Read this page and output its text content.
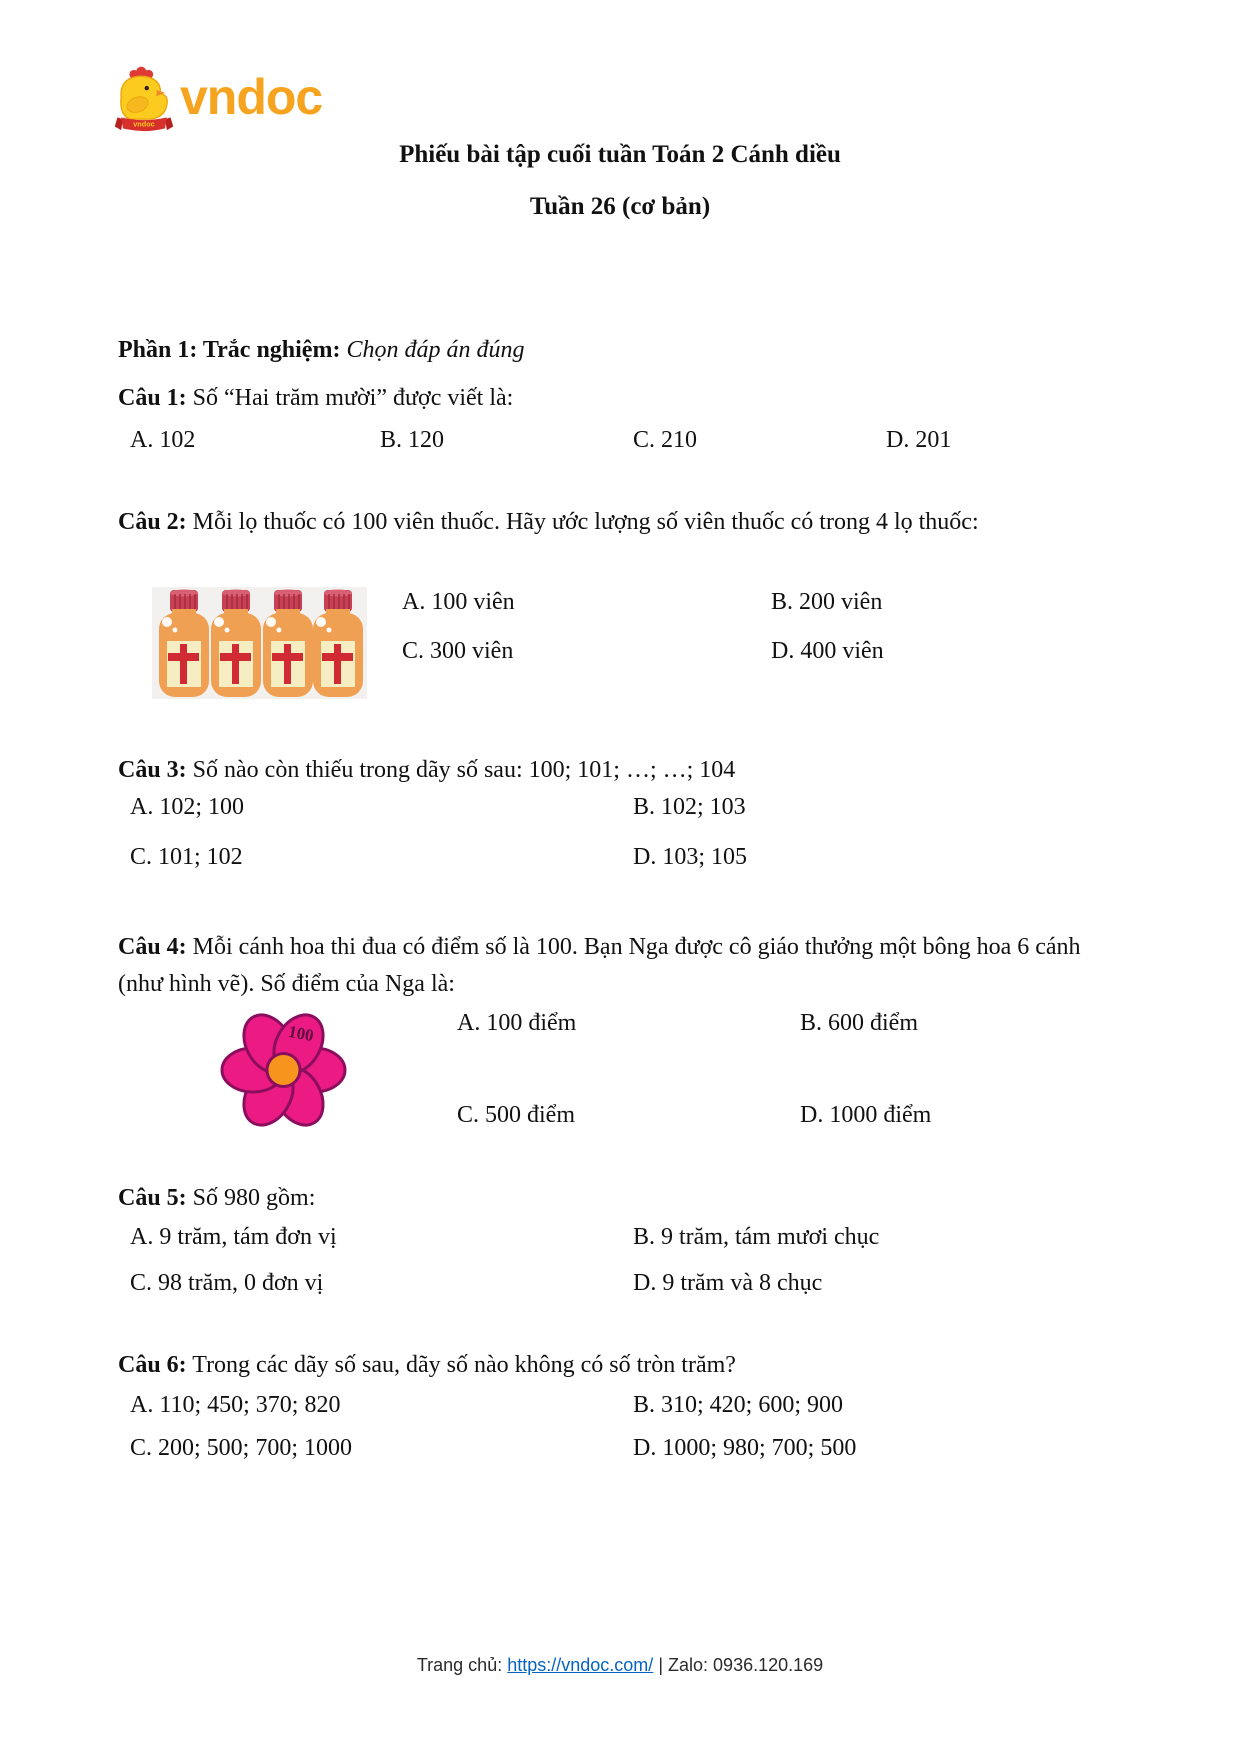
vndoc vndoc
Phiếu bài tập cuối tuần Toán 2 Cánh diều
Tuần 26 (cơ bản)

Phần 1: Trắc nghiệm: Chọn đáp án đúng

Câu 1: Số “Hai trăm mười” được viết là:

A. 102	B. 120	C. 210	D. 201

Câu 2: Mỗi lọ thuốc có 100 viên thuốc. Hãy ước lượng số viên thuốc có trong 4 lọ thuốc:

A. 100 viên	B. 200 viên
C. 300 viên	D. 400 viên

Câu 3: Số nào còn thiếu trong dãy số sau: 100; 101; …; …; 104

A. 102; 100	B. 102; 103
C. 101; 102	D. 103; 105

Câu 4: Mỗi cánh hoa thi đua có điểm số là 100. Bạn Nga được cô giáo thưởng một bông hoa 6 cánh (như hình vẽ). Số điểm của Nga là:

100	A. 100 điểm	B. 600 điểm
C. 500 điểm	D. 1000 điểm

Câu 5: Số 980 gồm:

A. 9 trăm, tám đơn vị	B. 9 trăm, tám mươi chục
C. 98 trăm, 0 đơn vị	D. 9 trăm và 8 chục

Câu 6: Trong các dãy số sau, dãy số nào không có số tròn trăm?

A. 110; 450; 370; 820	B. 310; 420; 600; 900
C. 200; 500; 700; 1000	D. 1000; 980; 700; 500
Trang chủ: https://vndoc.com/ | Zalo: 0936.120.169
